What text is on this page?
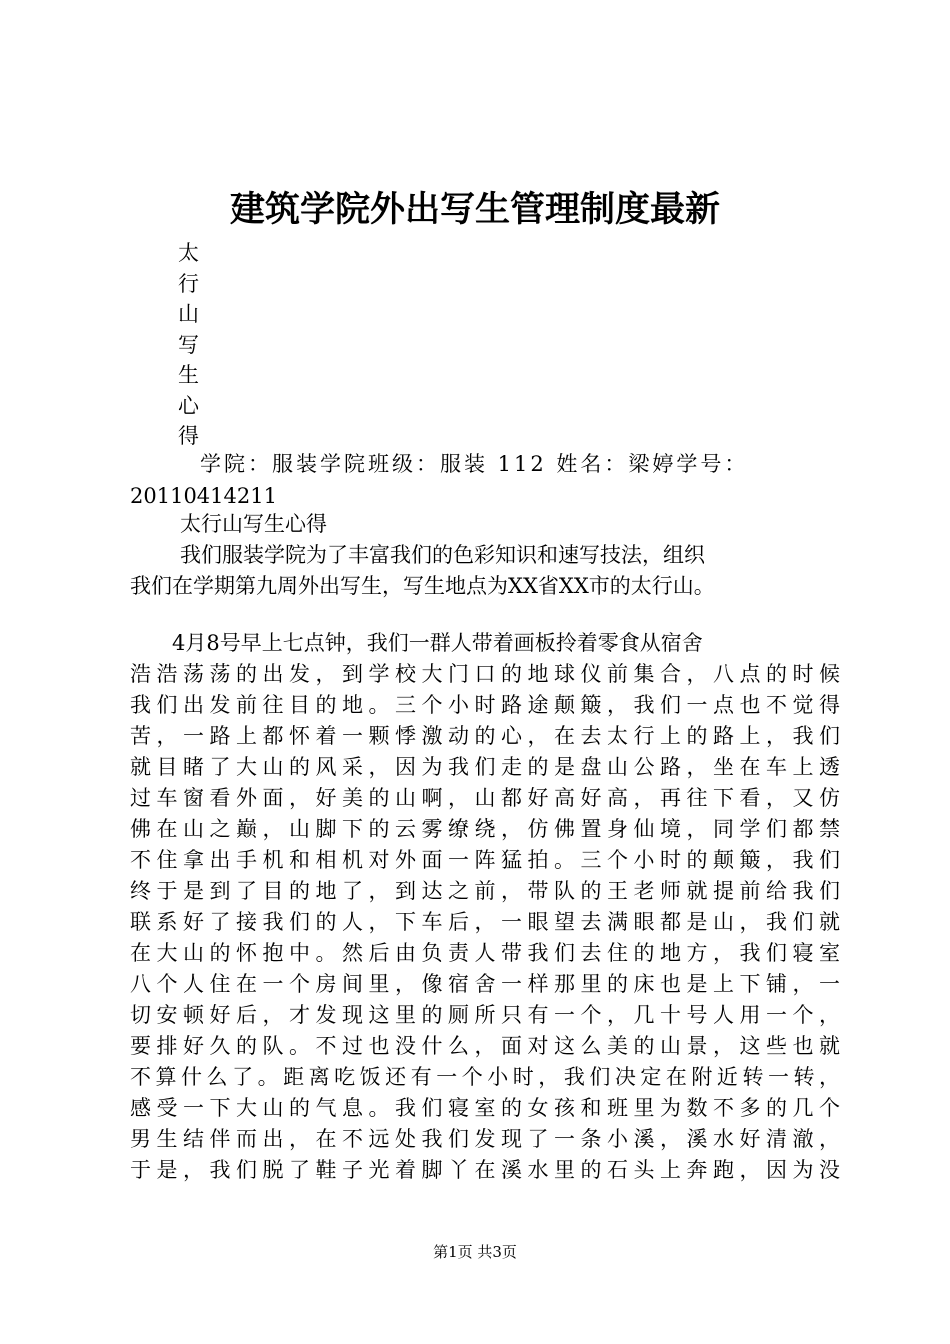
建筑学院外出写生管理制度最新
太
行
山
写
生
心
得
学院：服装学院班级：服装 112 姓名：梁婷学号：
20110414211
太行山写生心得
我们服装学院为了丰富我们的色彩知识和速写技法，组织
我们在学期第九周外出写生，写生地点为XX省XX市的太行山。
4月8号早上七点钟，我们一群人带着画板拎着零食从宿舍
浩浩荡荡的出发，到学校大门口的地球仪前集合，八点的时候
我们出发前往目的地。三个小时路途颠簸，我们一点也不觉得
苦，一路上都怀着一颗悸激动的心，在去太行上的路上，我们
就目睹了大山的风采，因为我们走的是盘山公路，坐在车上透
过车窗看外面，好美的山啊，山都好高好高，再往下看，又仿
佛在山之巅，山脚下的云雾缭绕，仿佛置身仙境，同学们都禁
不住拿出手机和相机对外面一阵猛拍。三个小时的颠簸，我们
终于是到了目的地了，到达之前，带队的王老师就提前给我们
联系好了接我们的人，下车后，一眼望去满眼都是山，我们就
在大山的怀抱中。然后由负责人带我们去住的地方，我们寝室
八个人住在一个房间里，像宿舍一样那里的床也是上下铺，一
切安顿好后，才发现这里的厕所只有一个，几十号人用一个，
要排好久的队。不过也没什么，面对这么美的山景，这些也就
不算什么了。距离吃饭还有一个小时，我们决定在附近转一转，
感受一下大山的气息。我们寝室的女孩和班里为数不多的几个
男生结伴而出，在不远处我们发现了一条小溪，溪水好清澈，
于是，我们脱了鞋子光着脚丫在溪水里的石头上奔跑，因为没
第1页 共3页
